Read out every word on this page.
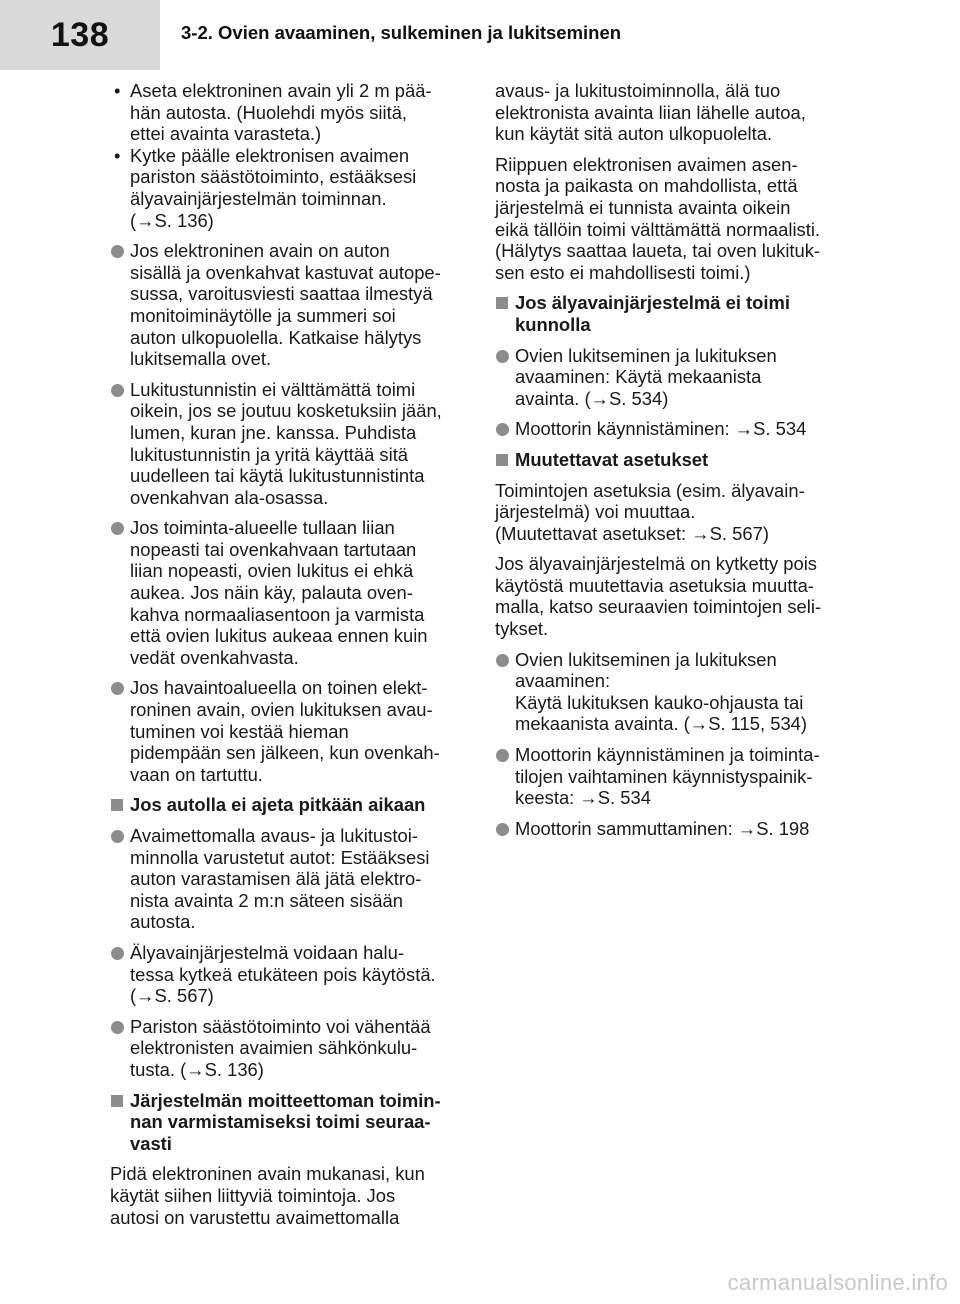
138	3-2. Ovien avaaminen, sulkeminen ja lukitseminen

• Aseta elektroninen avain yli 2 m pää-
hän autosta. (Huolehdi myös siitä,
ettei avainta varasteta.)

• Kytke päälle elektronisen avaimen
pariston säästötoiminto, estääksesi
älyavainjärjestelmän toiminnan.
(→S. 136)

Jos elektroninen avain on auton
sisällä ja ovenkahvat kastuvat autope-
sussa, varoitusviesti saattaa ilmestyä
monitoiminäytölle ja summeri soi
auton ulkopuolella. Katkaise hälytys
lukitsemalla ovet.

Lukitustunnistin ei välttämättä toimi
oikein, jos se joutuu kosketuksiin jään,
lumen, kuran jne. kanssa. Puhdista
lukitustunnistin ja yritä käyttää sitä
uudelleen tai käytä lukitustunnistinta
ovenkahvan ala-osassa.

Jos toiminta-alueelle tullaan liian
nopeasti tai ovenkahvaan tartutaan
liian nopeasti, ovien lukitus ei ehkä
aukea. Jos näin käy, palauta oven-
kahva normaaliasentoon ja varmista
että ovien lukitus aukeaa ennen kuin
vedät ovenkahvasta.

Jos havaintoalueella on toinen elekt-
roninen avain, ovien lukituksen avau-
tuminen voi kestää hieman
pidempään sen jälkeen, kun ovenkah-
vaan on tartuttu.

Jos autolla ei ajeta pitkään aikaan

Avaimettomalla avaus- ja lukitustoi-
minnolla varustetut autot: Estääksesi
auton varastamisen älä jätä elektro-
nista avainta 2 m:n säteen sisään
autosta.

Älyavainjärjestelmä voidaan halu-
tessa kytkeä etukäteen pois käytöstä.
(→S. 567)

Pariston säästötoiminto voi vähentää
elektronisten avaimien sähkönkulu-
tusta. (→S. 136)

Järjestelmän moitteettoman toimin-
nan varmistamiseksi toimi seuraa-
vasti

Pidä elektroninen avain mukanasi, kun
käytät siihen liittyviä toimintoja. Jos
autosi on varustettu avaimettomalla

avaus- ja lukitustoiminnolla, älä tuo
elektronista avainta liian lähelle autoa,
kun käytät sitä auton ulkopuolelta.

Riippuen elektronisen avaimen asen-
nosta ja paikasta on mahdollista, että
järjestelmä ei tunnista avainta oikein
eikä tällöin toimi välttämättä normaalisti.
(Hälytys saattaa laueta, tai oven lukituk-
sen esto ei mahdollisesti toimi.)

Jos älyavainjärjestelmä ei toimi
kunnolla

Ovien lukitseminen ja lukituksen
avaaminen: Käytä mekaanista
avainta. (→S. 534)

Moottorin käynnistäminen: →S. 534

Muutettavat asetukset

Toimintojen asetuksia (esim. älyavain-
järjestelmä) voi muuttaa.
(Muutettavat asetukset: →S. 567)

Jos älyavainjärjestelmä on kytketty pois
käytöstä muutettavia asetuksia muutta-
malla, katso seuraavien toimintojen seli-
tykset.

Ovien lukitseminen ja lukituksen
avaaminen:
Käytä lukituksen kauko-ohjausta tai
mekaanista avainta. (→S. 115, 534)

Moottorin käynnistäminen ja toiminta-
tilojen vaihtaminen käynnistyspainik-
keesta: →S. 534

Moottorin sammuttaminen: →S. 198

carmanualsonline.info
